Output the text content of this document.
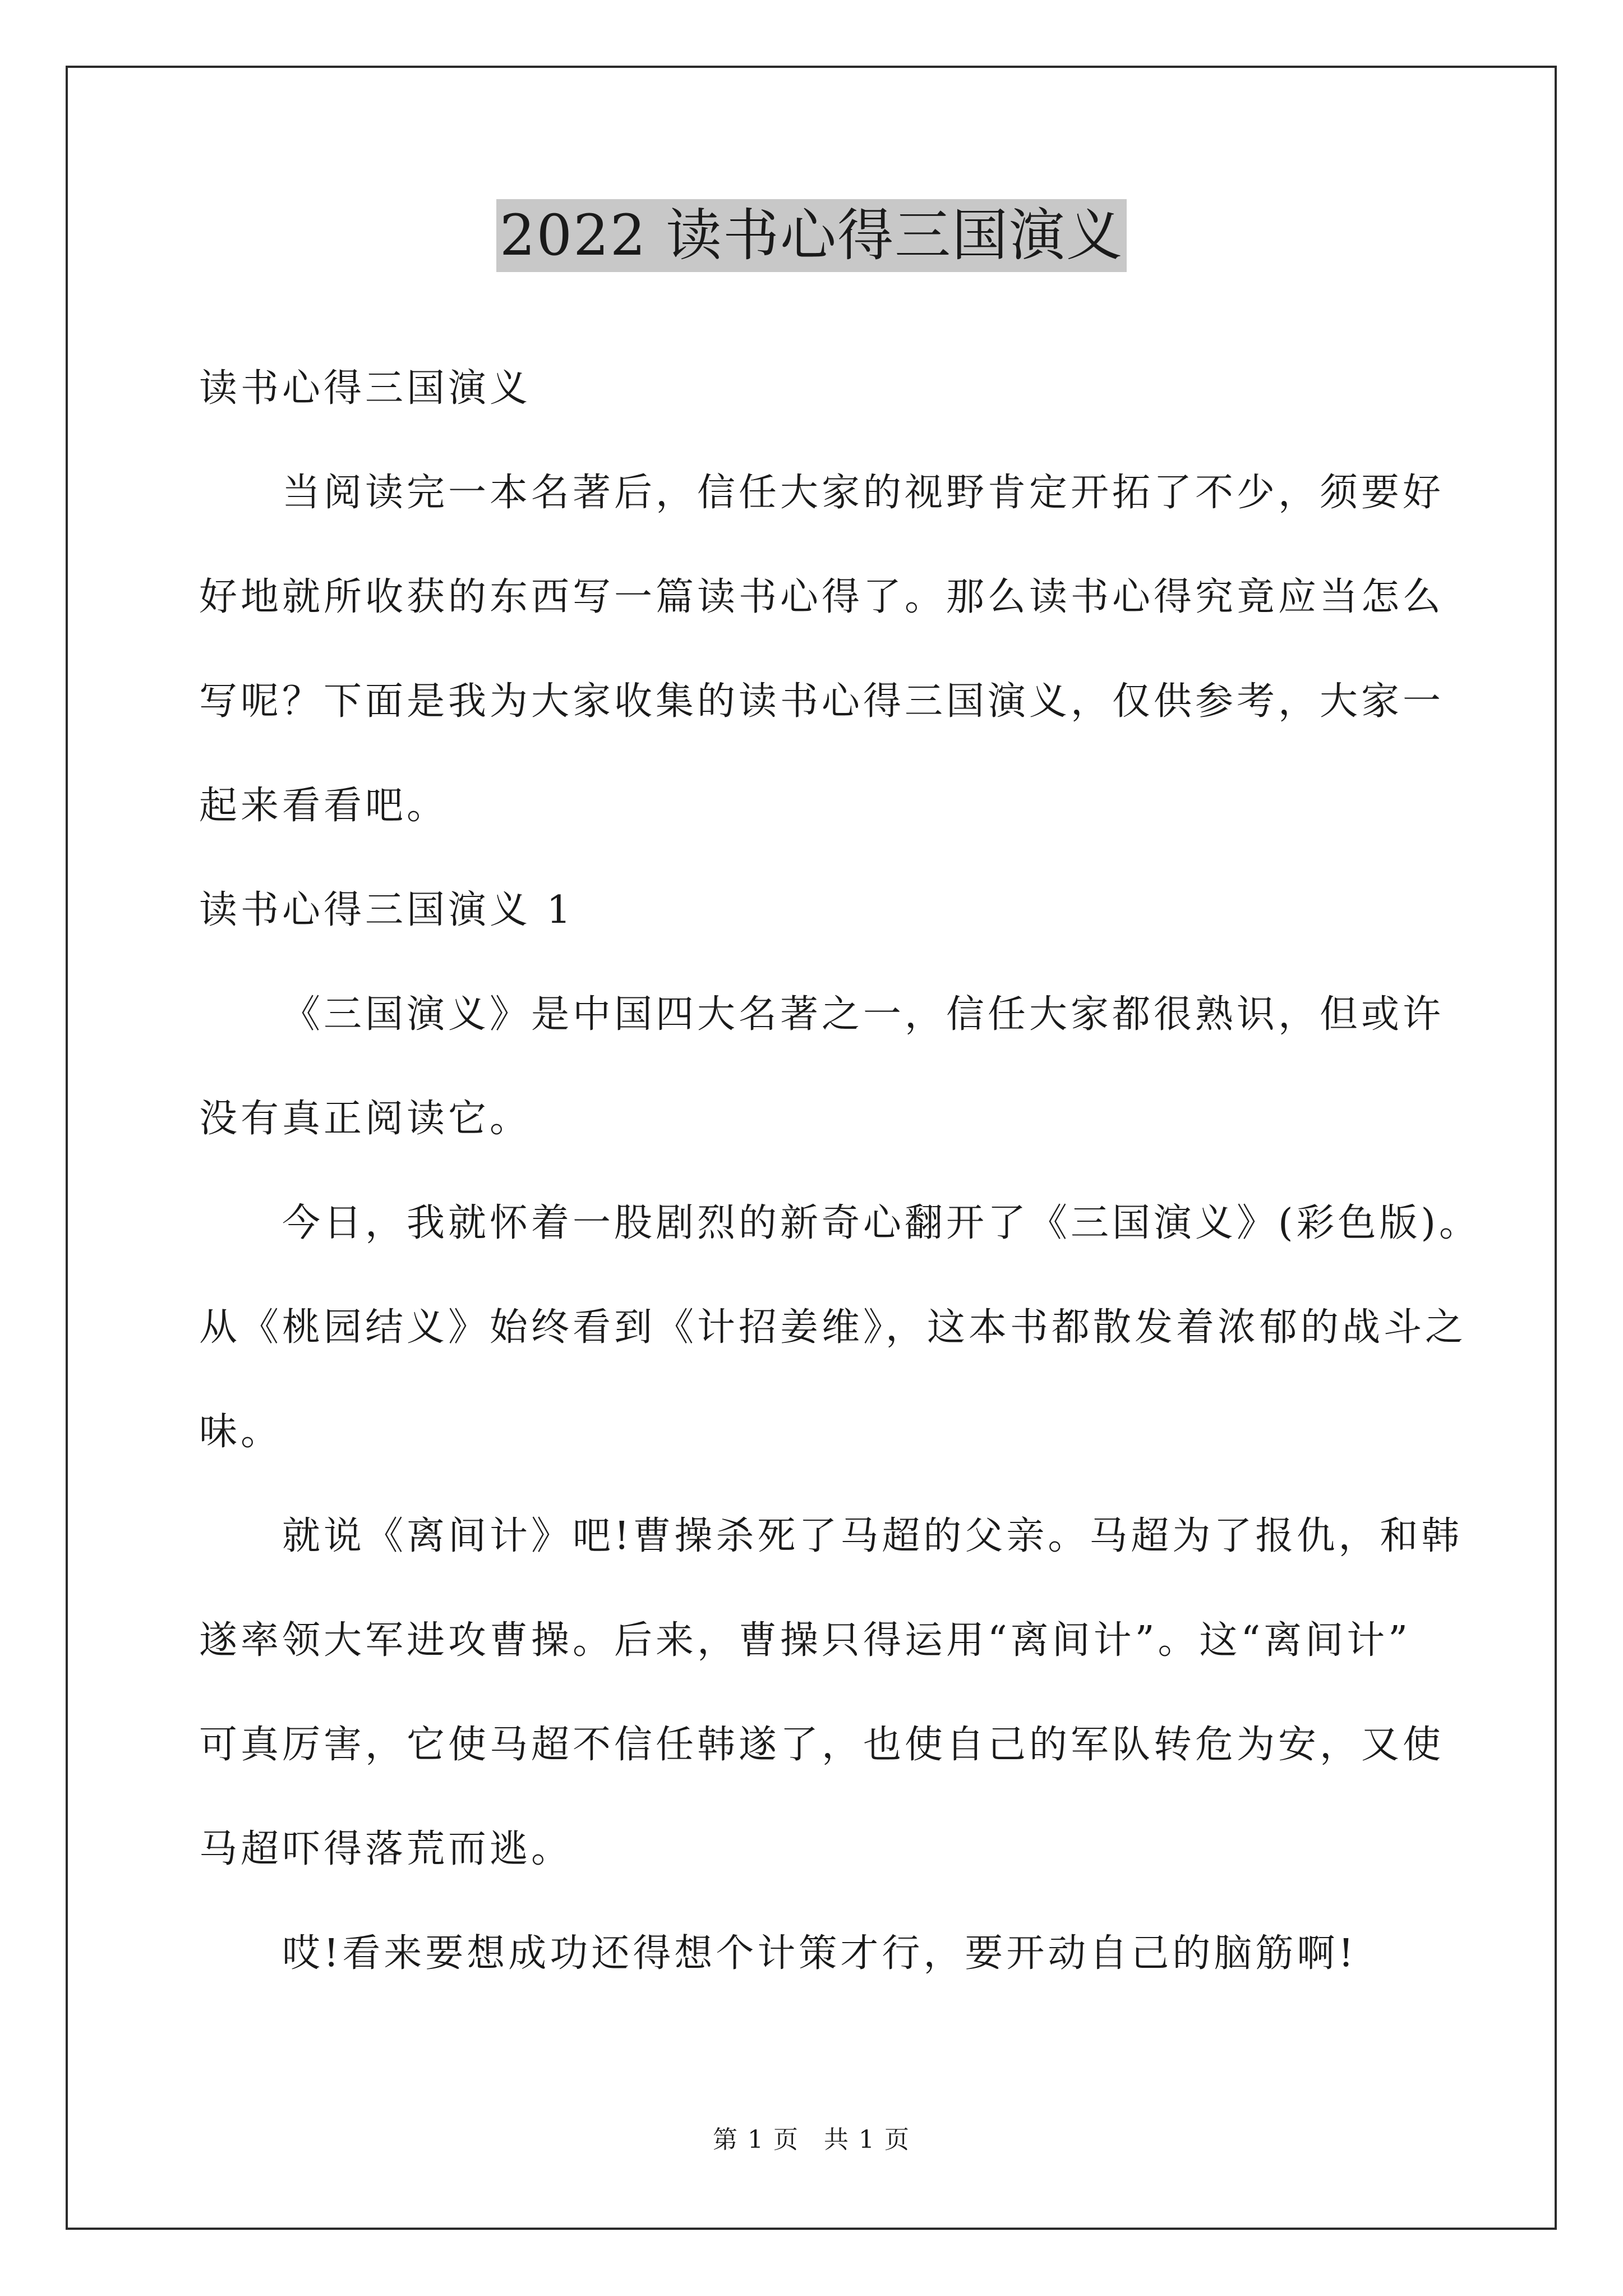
2022 读书心得三国演义
读书心得三国演义
当阅读完一本名著后，信任大家的视野肯定开拓了不少，须要好
好地就所收获的东西写一篇读书心得了。那么读书心得究竟应当怎么
写呢？下面是我为大家收集的读书心得三国演义，仅供参考，大家一
起来看看吧。
读书心得三国演义 1
《三国演义》是中国四大名著之一，信任大家都很熟识，但或许
没有真正阅读它。
今日，我就怀着一股剧烈的新奇心翻开了《三国演义》(彩色版)。
从《桃园结义》始终看到《计招姜维》，这本书都散发着浓郁的战斗之
味。
就说《离间计》吧!曹操杀死了马超的父亲。马超为了报仇，和韩
遂率领大军进攻曹操。后来，曹操只得运用“离间计”。这“离间计”
可真厉害，它使马超不信任韩遂了，也使自己的军队转危为安，又使
马超吓得落荒而逃。
哎!看来要想成功还得想个计策才行，要开动自己的脑筋啊!
第 1 页 共 1 页
